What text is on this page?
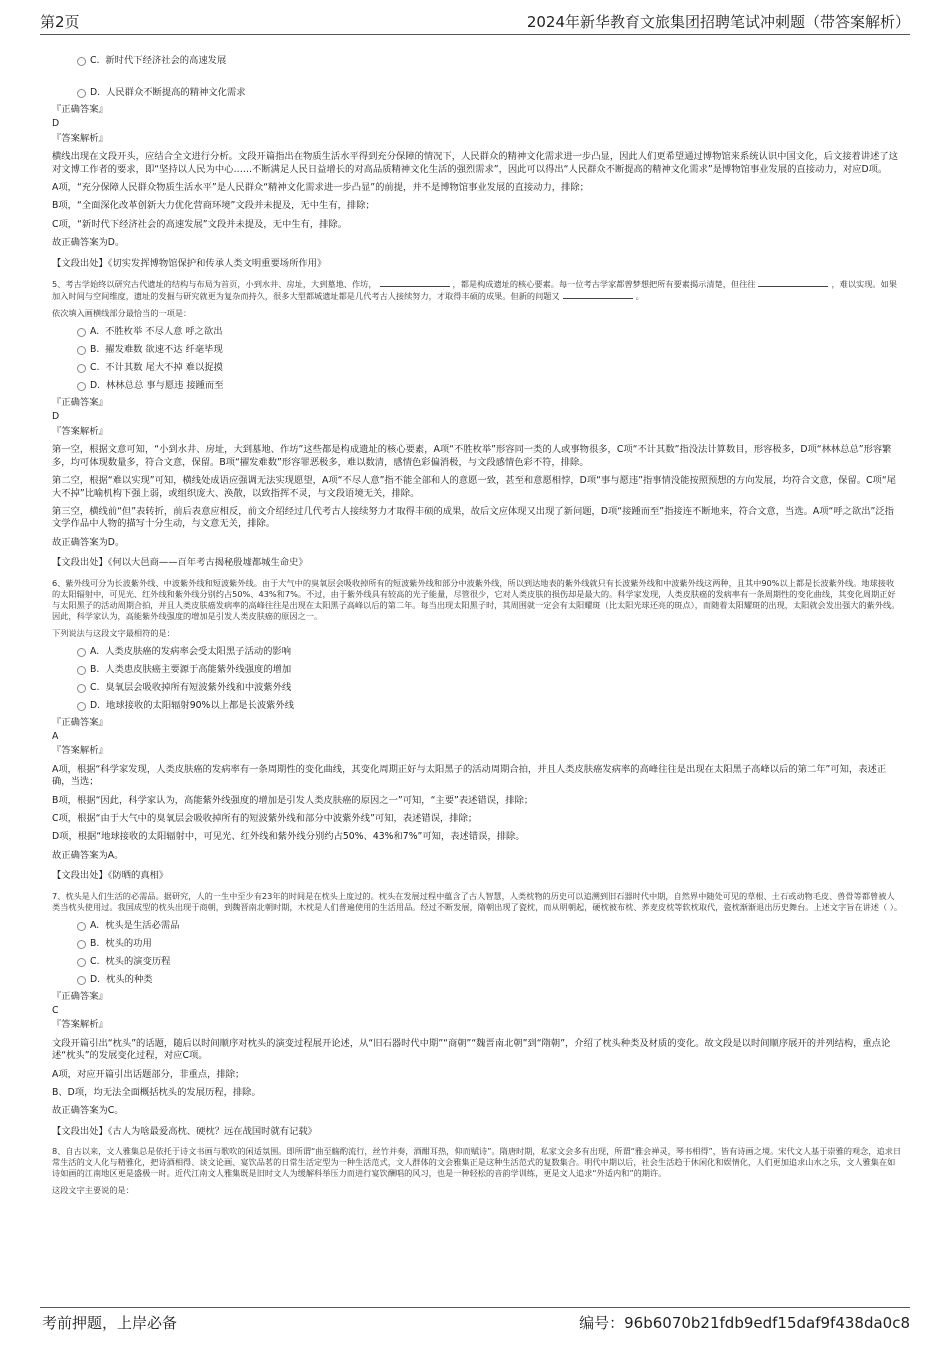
第2页	2024年新华教育文旅集团招聘笔试冲刺题（带答案解析）
C. 新时代下经济社会的高速发展
D. 人民群众不断提高的精神文化需求
『正确答案』
D
『答案解析』
横线出现在文段开头，应结合全文进行分析。文段开篇指出在物质生活水平得到充分保障的情况下，人民群众的精神文化需求进一步凸显，因此人们更希望通过博物馆来系统认识中国文化，后文接着讲述了这对文博工作者的要求，即“坚持以人民为中心……不断满足人民日益增长的对高品质精神文化生活的强烈需求”，因此可以得出“人民群众不断提高的精神文化需求”是博物馆事业发展的直接动力，对应D项。
A项，“充分保障人民群众物质生活水平”是人民群众“精神文化需求进一步凸显”的前提，并不是博物馆事业发展的直接动力，排除；
B项，“全面深化改革创新大力优化营商环境”文段并未提及，无中生有，排除；
C项，“新时代下经济社会的高速发展”文段并未提及，无中生有，排除。
故正确答案为D。
【文段出处】《切实发挥博物馆保护和传承人类文明重要场所作用》
5、考古学始终以研究古代遗址的结构与布局为首页，小到水井、房址，大到墓地、作坊，	，都是构成遗址的核心要素。每一位考古学家都曾梦想把所有要素揭示清楚，但往往	，难以实现。如果加入时间与空间维度，遗址的发掘与研究就更为复杂而持久，很多大型都城遗址都是几代考古人接续努力，才取得丰硕的成果。但新的问题又	。
依次填入画横线部分最恰当的一项是：
A. 不胜枚举 不尽人意 呼之欲出
B. 擢发难数 欲速不达 纤毫毕现
C. 不计其数 尾大不掉 难以捉摸
D. 林林总总 事与愿违 接踵而至
『正确答案』
D
『答案解析』
第一空，根据文意可知，“小到水井、房址，大到墓地、作坊”这些都是构成遗址的核心要素，A项“不胜枚举”形容同一类的人或事物很多，C项“不计其数”指没法计算数目，形容极多，D项“林林总总”形容繁多，均可体现数量多，符合文意，保留。B项“擢发难数”形容罪恶极多，难以数清，感情色彩偏消极，与文段感情色彩不符，排除。
第二空，根据“难以实现”可知，横线处成语应强调无法实现愿望，A项“不尽人意”指不能全部和人的意愿一致，甚至和意愿相悖，D项“事与愿违”指事情没能按照预想的方向发展，均符合文意，保留。C项“尾大不掉”比喻机构下强上弱，或组织庞大、涣散，以致指挥不灵，与文段语境无关，排除。
第三空，横线前“但”表转折，前后表意应相反，前文介绍经过几代考古人接续努力才取得丰硕的成果，故后文应体现又出现了新问题，D项“接踵而至”指接连不断地来，符合文意，当选。A项“呼之欲出”泛指文学作品中人物的描写十分生动，与文意无关，排除。
故正确答案为D。
【文段出处】《何以大邑商——百年考古揭秘殷墟都城生命史》
6、紫外线可分为长波紫外线、中波紫外线和短波紫外线。由于大气中的臭氧层会吸收掉所有的短波紫外线和部分中波紫外线，所以到达地表的紫外线就只有长波紫外线和中波紫外线这两种，且其中90%以上都是长波紫外线。地球接收的太阳辐射中，可见光、红外线和紫外线分别约占50%、43%和7%。不过，由于紫外线具有较高的光子能量，尽管很少，它对人类皮肤的损伤却是最大的。科学家发现，人类皮肤癌的发病率有一条周期性的变化曲线，其变化周期正好与太阳黑子的活动周期合拍，并且人类皮肤癌发病率的高峰往往是出现在太阳黑子高峰以后的第二年。每当出现太阳黑子时，其周围就一定会有太阳耀斑（比太阳光球还亮的斑点），而随着太阳耀斑的出现，太阳就会发出强大的紫外线。因此，科学家认为，高能紫外线强度的增加是引发人类皮肤癌的原因之一。
下列说法与这段文字最相符的是：
A. 人类皮肤癌的发病率会受太阳黑子活动的影响
B. 人类患皮肤癌主要源于高能紫外线强度的增加
C. 臭氧层会吸收掉所有短波紫外线和中波紫外线
D. 地球接收的太阳辐射90%以上都是长波紫外线
『正确答案』
A
『答案解析』
A项，根据“科学家发现，人类皮肤癌的发病率有一条周期性的变化曲线，其变化周期正好与太阳黑子的活动周期合拍，并且人类皮肤癌发病率的高峰往往是出现在太阳黑子高峰以后的第二年”可知，表述正确，当选；
B项，根据“因此，科学家认为，高能紫外线强度的增加是引发人类皮肤癌的原因之一”可知，“主要”表述错误，排除；
C项，根据“由于大气中的臭氧层会吸收掉所有的短波紫外线和部分中波紫外线”可知，表述错误，排除；
D项，根据“地球接收的太阳辐射中，可见光、红外线和紫外线分别约占50%、43%和7%”可知，表述错误，排除。
故正确答案为A。
【文段出处】《防晒的真相》
7、枕头是人们生活的必需品。据研究，人的一生中至少有23年的时间是在枕头上度过的。枕头在发展过程中蕴含了古人智慧，人类枕物的历史可以追溯到旧石器时代中期，自然界中随处可见的草根、土石或动物毛皮、兽骨等都曾被人类当枕头使用过。我国成型的枕头出现于商朝，到魏晋南北朝时期，木枕是人们普遍使用的生活用品。经过不断发展，隋朝出现了瓷枕，而从明朝起，硬枕被布枕、荞麦皮枕等软枕取代，瓷枕渐渐退出历史舞台。上述文字旨在讲述（ ）。
A. 枕头是生活必需品
B. 枕头的功用
C. 枕头的演变历程
D. 枕头的种类
『正确答案』
C
『答案解析』
文段开篇引出“枕头”的话题，随后以时间顺序对枕头的演变过程展开论述，从“旧石器时代中期”“商朝”“魏晋南北朝”到“隋朝”，介绍了枕头种类及材质的变化。故文段是以时间顺序展开的并列结构，重点论述“枕头”的发展变化过程，对应C项。
A项，对应开篇引出话题部分，非重点，排除；
B、D项，均无法全面概括枕头的发展历程，排除。
故正确答案为C。
【文段出处】《古人为啥最爱高枕、硬枕？远在战国时就有记载》
8、自古以来，文人雅集总是依托于诗文书画与歌吹的闲适氛围。即所谓“曲至觞酌流行，丝竹并奏，酒酣耳热，仰而赋诗”。隋唐时期，私家文会多有出现，所谓“雅会禅灵，琴书相得”，皆有诗画之境。宋代文人基于崇雅的观念，追求日常生活的文人化与精雅化，把诗酒相得、谈文论画、宴饮品茗的日常生活定型为一种生活范式，文人群体的文会雅集正是这种生活范式的复数集合。明代中期以后，社会生活趋于休闲化和娱情化，人们更加追求山水之乐，文人雅集在如诗如画的江南地区更是盛极一时。近代江南文人雅集既是旧时文人为缓解科举压力而进行宴饮酬唱的风习，也是一种轻松的音韵学训练，更是文人追求“外适内和”的期许。
这段文字主要说的是：
考前押题，上岸必备	编号：96b6070b21fdb9edf15daf9f438da0c8
